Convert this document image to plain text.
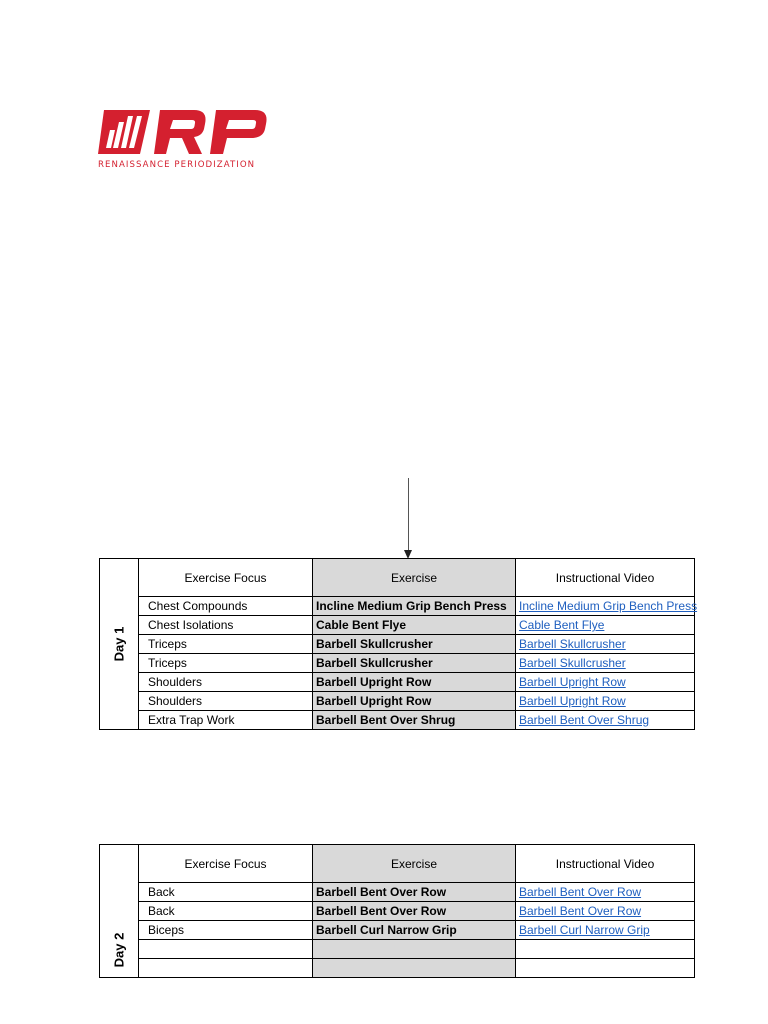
RENAISSANCE PERIODIZATION
Day 1	Exercise Focus	Exercise	Instructional Video
	Chest Compounds	Incline Medium Grip Bench Press	Incline Medium Grip Bench Press
	Chest Isolations	Cable Bent Flye	Cable Bent Flye
	Triceps	Barbell Skullcrusher	Barbell Skullcrusher
	Triceps	Barbell Skullcrusher	Barbell Skullcrusher
	Shoulders	Barbell Upright Row	Barbell Upright Row
	Shoulders	Barbell Upright Row	Barbell Upright Row
	Extra Trap Work	Barbell Bent Over Shrug	Barbell Bent Over Shrug
Day 2	Exercise Focus	Exercise	Instructional Video
	Back	Barbell Bent Over Row	Barbell Bent Over Row
	Back	Barbell Bent Over Row	Barbell Bent Over Row
	Biceps	Barbell Curl Narrow Grip	Barbell Curl Narrow Grip
